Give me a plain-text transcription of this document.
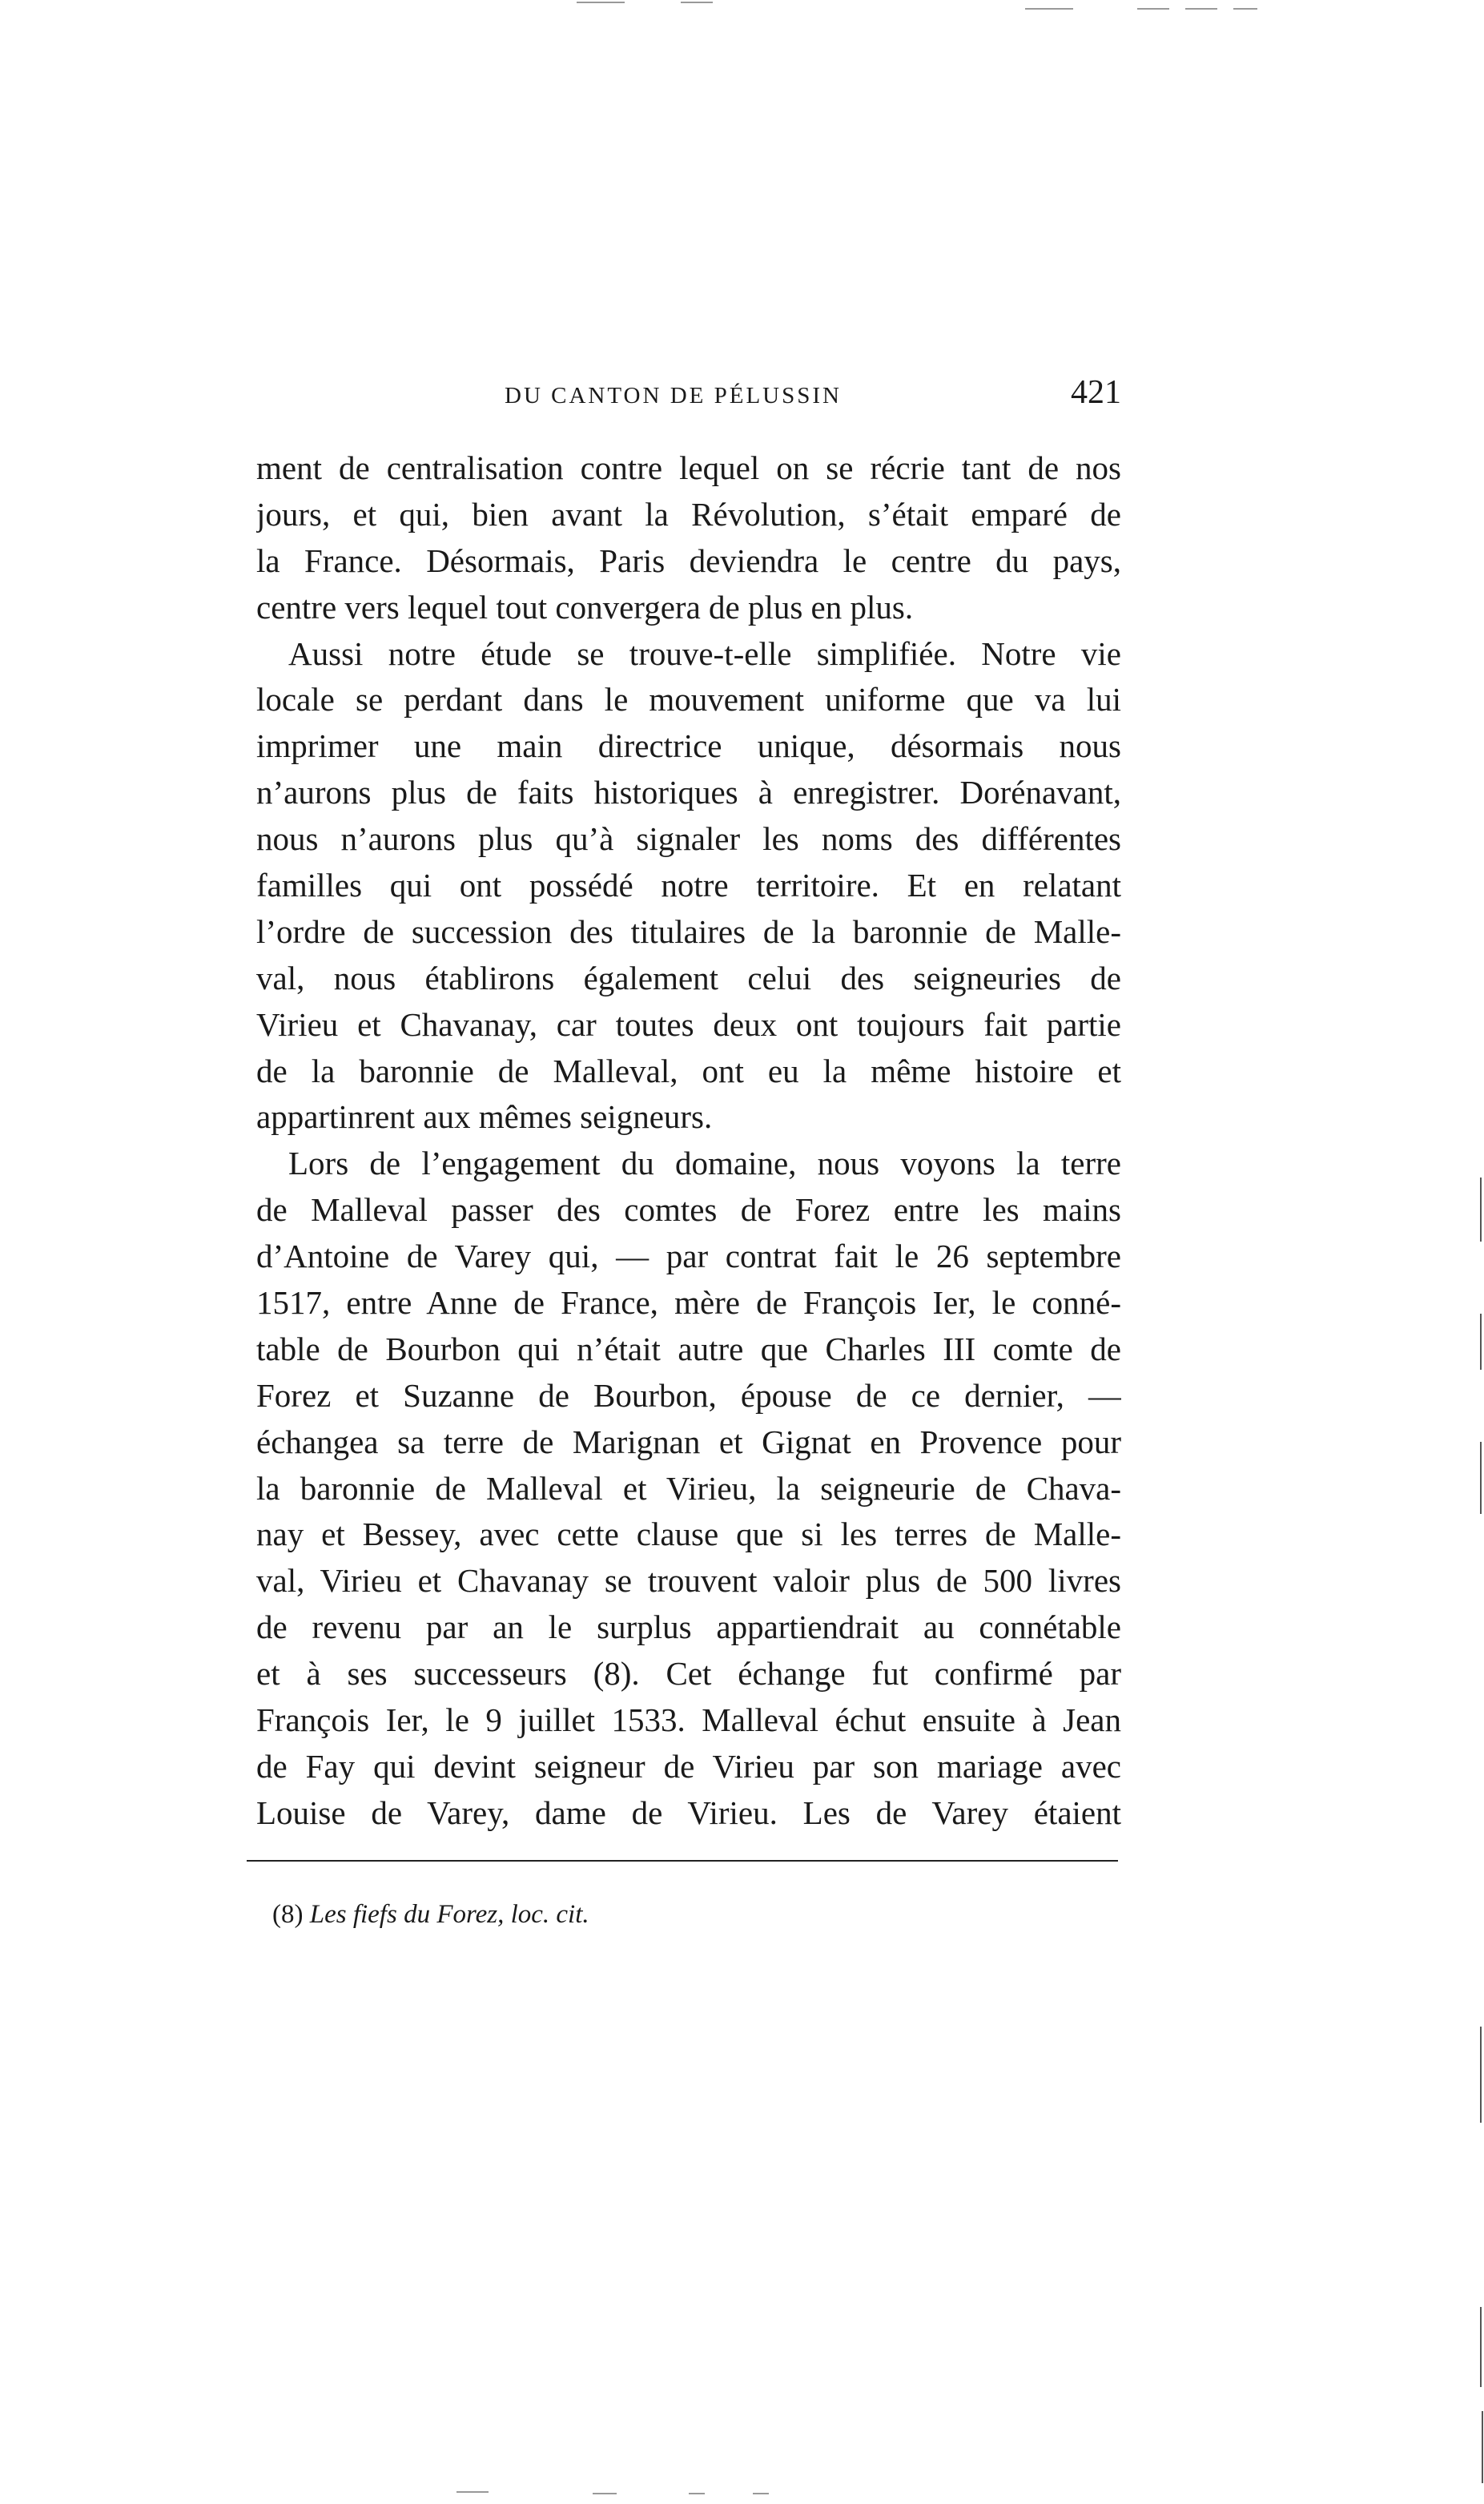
DU CANTON DE PÉLUSSIN	421
ment de centralisation contre lequel on se récrie tant de nos
jours, et qui, bien avant la Révolution, s’était emparé de
la France. Désormais, Paris deviendra le centre du pays,
centre vers lequel tout convergera de plus en plus.
Aussi notre étude se trouve-t-elle simplifiée. Notre vie
locale se perdant dans le mouvement uniforme que va lui
imprimer une main directrice unique, désormais nous
n’aurons plus de faits historiques à enregistrer. Dorénavant,
nous n’aurons plus qu’à signaler les noms des différentes
familles qui ont possédé notre territoire. Et en relatant
l’ordre de succession des titulaires de la baronnie de Malle-
val, nous établirons également celui des seigneuries de
Virieu et Chavanay, car toutes deux ont toujours fait partie
de la baronnie de Malleval, ont eu la même histoire et
appartinrent aux mêmes seigneurs.
Lors de l’engagement du domaine, nous voyons la terre
de Malleval passer des comtes de Forez entre les mains
d’Antoine de Varey qui, — par contrat fait le 26 septembre
1517, entre Anne de France, mère de François Ier, le conné-
table de Bourbon qui n’était autre que Charles III comte de
Forez et Suzanne de Bourbon, épouse de ce dernier, —
échangea sa terre de Marignan et Gignat en Provence pour
la baronnie de Malleval et Virieu, la seigneurie de Chava-
nay et Bessey, avec cette clause que si les terres de Malle-
val, Virieu et Chavanay se trouvent valoir plus de 500 livres
de revenu par an le surplus appartiendrait au connétable
et à ses successeurs (8). Cet échange fut confirmé par
François Ier, le 9 juillet 1533. Malleval échut ensuite à Jean
de Fay qui devint seigneur de Virieu par son mariage avec
Louise de Varey, dame de Virieu. Les de Varey étaient
(8) Les fiefs du Forez, loc. cit.
